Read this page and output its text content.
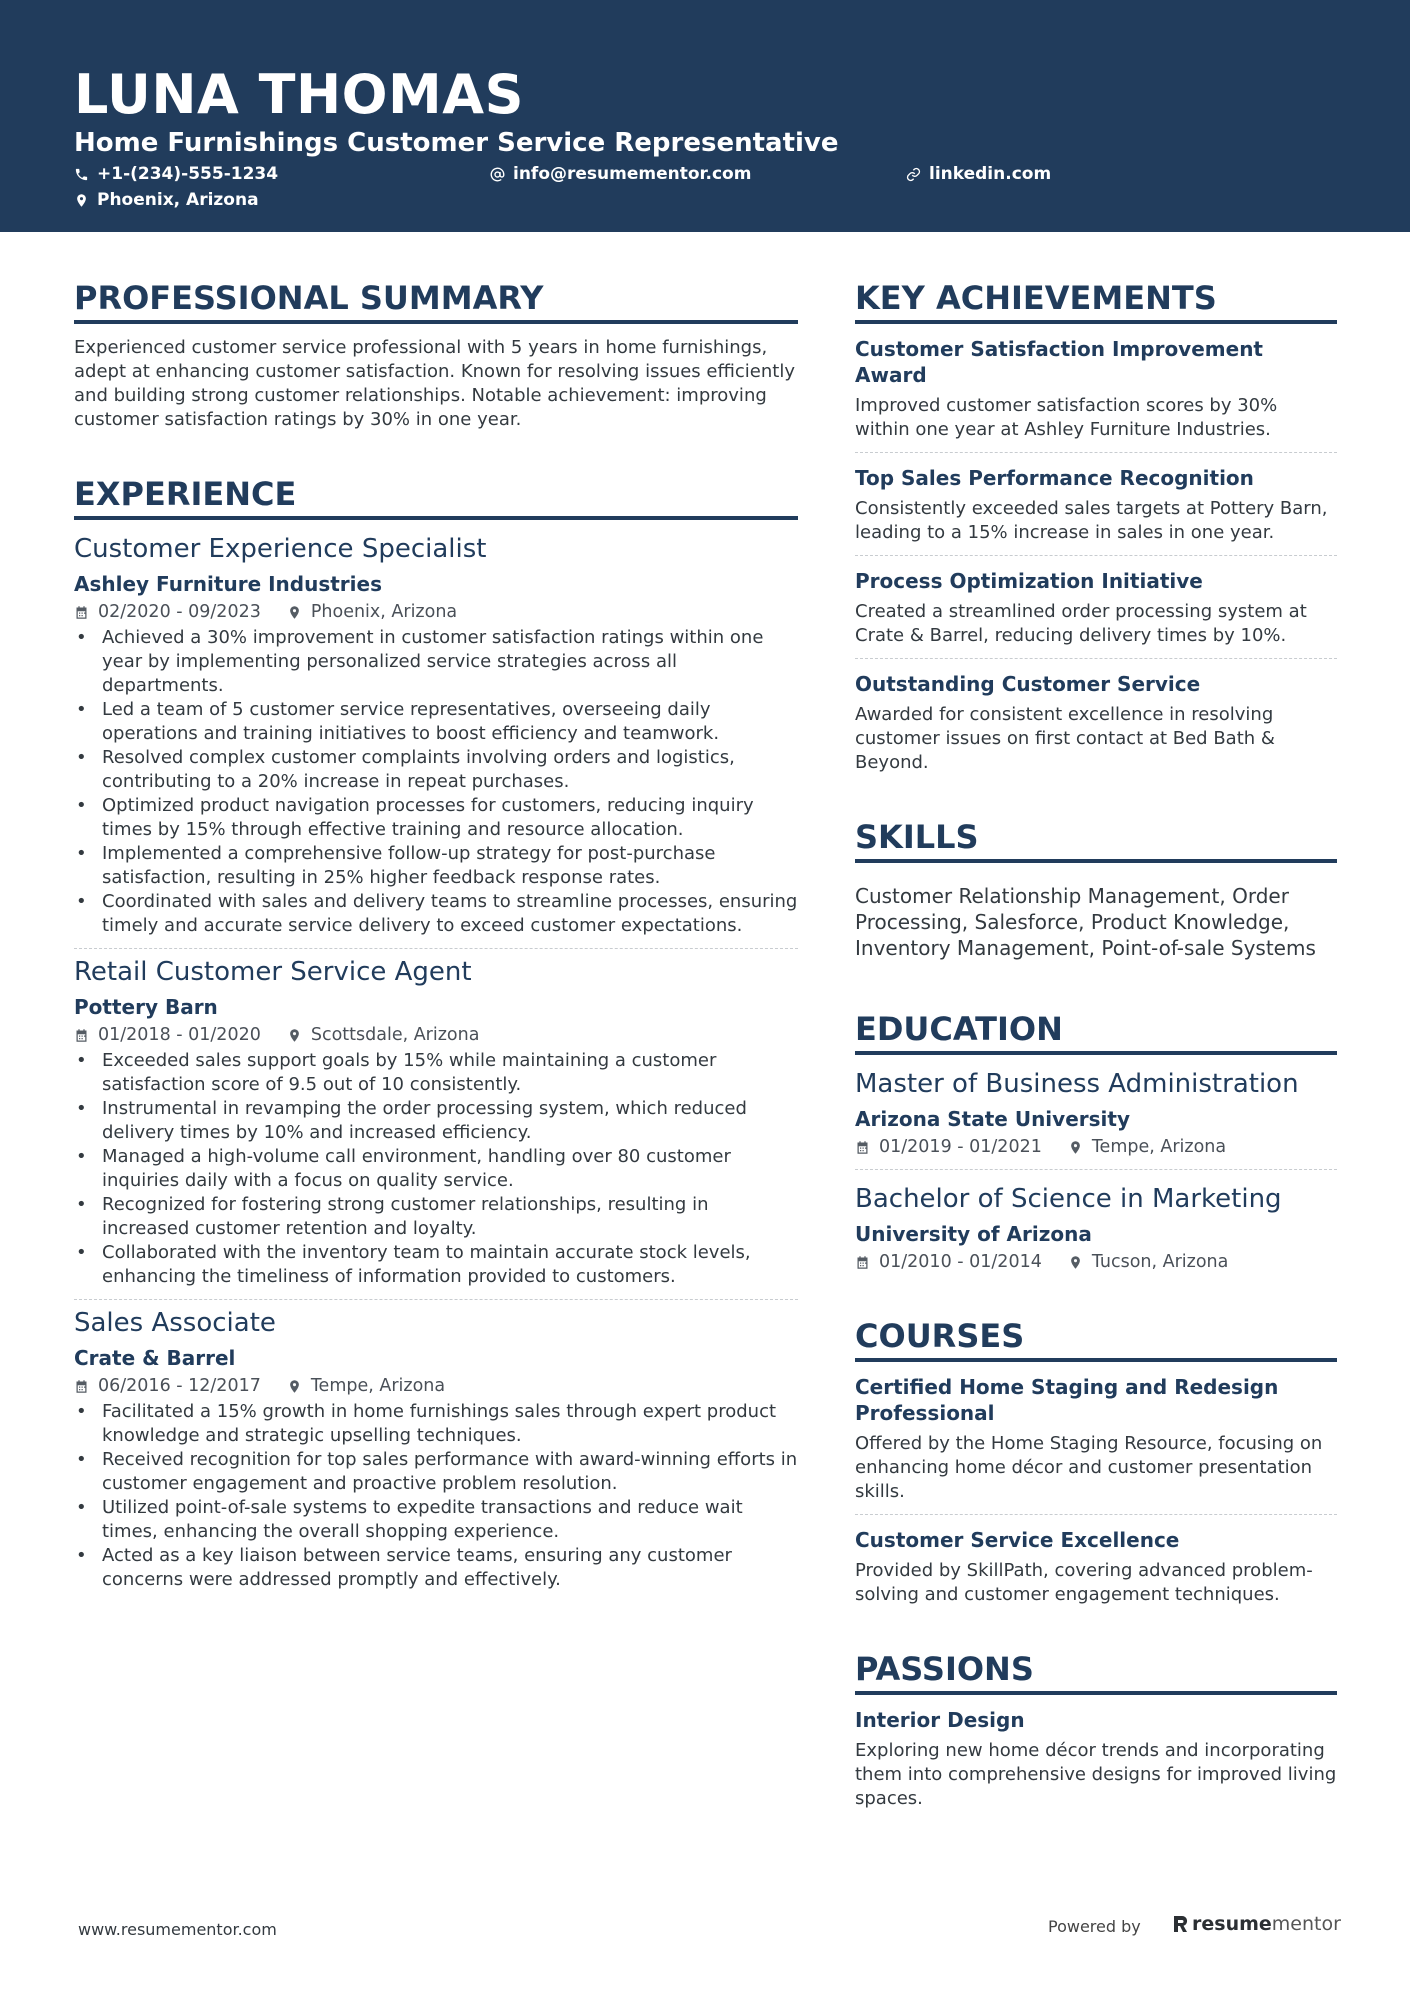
LUNA THOMAS
Home Furnishings Customer Service Representative
+1-(234)-555-1234	info@resumementor.com	linkedin.com
Phoenix, Arizona
PROFESSIONAL SUMMARY
Experienced customer service professional with 5 years in home furnishings, adept at enhancing customer satisfaction. Known for resolving issues efficiently and building strong customer relationships. Notable achievement: improving customer satisfaction ratings by 30% in one year.
EXPERIENCE
Customer Experience Specialist
Ashley Furniture Industries
02/2020 - 09/2023	Phoenix, Arizona
• Achieved a 30% improvement in customer satisfaction ratings within one year by implementing personalized service strategies across all departments.
• Led a team of 5 customer service representatives, overseeing daily operations and training initiatives to boost efficiency and teamwork.
• Resolved complex customer complaints involving orders and logistics, contributing to a 20% increase in repeat purchases.
• Optimized product navigation processes for customers, reducing inquiry times by 15% through effective training and resource allocation.
• Implemented a comprehensive follow-up strategy for post-purchase satisfaction, resulting in 25% higher feedback response rates.
• Coordinated with sales and delivery teams to streamline processes, ensuring timely and accurate service delivery to exceed customer expectations.
Retail Customer Service Agent
Pottery Barn
01/2018 - 01/2020	Scottsdale, Arizona
• Exceeded sales support goals by 15% while maintaining a customer satisfaction score of 9.5 out of 10 consistently.
• Instrumental in revamping the order processing system, which reduced delivery times by 10% and increased efficiency.
• Managed a high-volume call environment, handling over 80 customer inquiries daily with a focus on quality service.
• Recognized for fostering strong customer relationships, resulting in increased customer retention and loyalty.
• Collaborated with the inventory team to maintain accurate stock levels, enhancing the timeliness of information provided to customers.
Sales Associate
Crate & Barrel
06/2016 - 12/2017	Tempe, Arizona
• Facilitated a 15% growth in home furnishings sales through expert product knowledge and strategic upselling techniques.
• Received recognition for top sales performance with award-winning efforts in customer engagement and proactive problem resolution.
• Utilized point-of-sale systems to expedite transactions and reduce wait times, enhancing the overall shopping experience.
• Acted as a key liaison between service teams, ensuring any customer concerns were addressed promptly and effectively.
KEY ACHIEVEMENTS
Customer Satisfaction Improvement Award
Improved customer satisfaction scores by 30% within one year at Ashley Furniture Industries.
Top Sales Performance Recognition
Consistently exceeded sales targets at Pottery Barn, leading to a 15% increase in sales in one year.
Process Optimization Initiative
Created a streamlined order processing system at Crate & Barrel, reducing delivery times by 10%.
Outstanding Customer Service
Awarded for consistent excellence in resolving customer issues on first contact at Bed Bath & Beyond.
SKILLS
Customer Relationship Management, Order Processing, Salesforce, Product Knowledge, Inventory Management, Point-of-sale Systems
EDUCATION
Master of Business Administration
Arizona State University
01/2019 - 01/2021	Tempe, Arizona
Bachelor of Science in Marketing
University of Arizona
01/2010 - 01/2014	Tucson, Arizona
COURSES
Certified Home Staging and Redesign Professional
Offered by the Home Staging Resource, focusing on enhancing home décor and customer presentation skills.
Customer Service Excellence
Provided by SkillPath, covering advanced problem-solving and customer engagement techniques.
PASSIONS
Interior Design
Exploring new home décor trends and incorporating them into comprehensive designs for improved living spaces.
www.resumementor.com	Powered by	resume mentor
